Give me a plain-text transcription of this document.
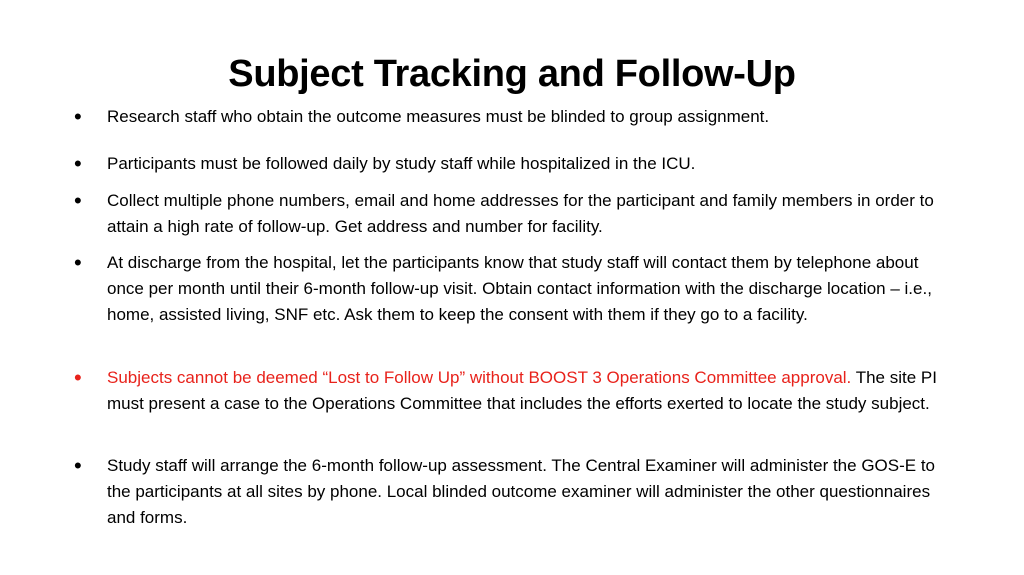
Subject Tracking and Follow-Up
• Research staff who obtain the outcome measures must be blinded to group assignment.
• Participants must be followed daily by study staff while hospitalized in the ICU.
• Collect multiple phone numbers, email and home addresses for the participant and family members in order to attain a high rate of follow-up. Get address and number for facility.
• At discharge from the hospital, let the participants know that study staff will contact them by telephone about once per month until their 6-month follow-up visit. Obtain contact information with the discharge location – i.e., home, assisted living, SNF etc. Ask them to keep the consent with them if they go to a facility.
• Subjects cannot be deemed “Lost to Follow Up” without BOOST 3 Operations Committee approval. The site PI must present a case to the Operations Committee that includes the efforts exerted to locate the study subject.
• Study staff will arrange the 6-month follow-up assessment. The Central Examiner will administer the GOS-E to the participants at all sites by phone. Local blinded outcome examiner will administer the other questionnaires and forms.
